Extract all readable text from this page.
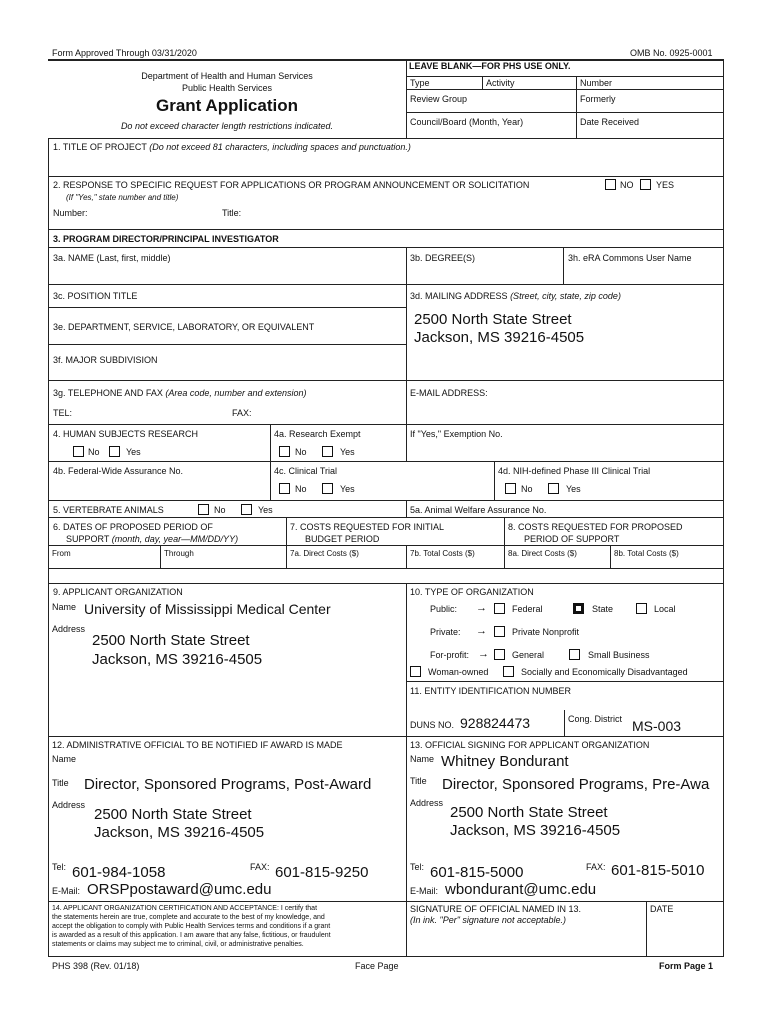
Form Approved Through 03/31/2020	OMB No. 0925-0001
Department of Health and Human Services
Public Health Services
Grant Application
Do not exceed character length restrictions indicated.
LEAVE BLANK—FOR PHS USE ONLY.
Type	Activity	Number
Review Group	Formerly
Council/Board (Month, Year)	Date Received
1. TITLE OF PROJECT (Do not exceed 81 characters, including spaces and punctuation.)
2. RESPONSE TO SPECIFIC REQUEST FOR APPLICATIONS OR PROGRAM ANNOUNCEMENT OR SOLICITATION	NO	YES
(If "Yes," state number and title)
Number:	Title:
3. PROGRAM DIRECTOR/PRINCIPAL INVESTIGATOR
3a. NAME (Last, first, middle)	3b. DEGREE(S)	3h. eRA Commons User Name
3c. POSITION TITLE	3d. MAILING ADDRESS (Street, city, state, zip code)
2500 North State Street
Jackson, MS 39216-4505
3e. DEPARTMENT, SERVICE, LABORATORY, OR EQUIVALENT
3f. MAJOR SUBDIVISION
3g. TELEPHONE AND FAX (Area code, number and extension)	E-MAIL ADDRESS:
TEL:	FAX:
4. HUMAN SUBJECTS RESEARCH	4a. Research Exempt	If "Yes," Exemption No.
No	Yes	No	Yes
4b. Federal-Wide Assurance No.	4c. Clinical Trial	4d. NIH-defined Phase III Clinical Trial
No	Yes	No	Yes
5. VERTEBRATE ANIMALS	No	Yes	5a. Animal Welfare Assurance No.
6. DATES OF PROPOSED PERIOD OF
SUPPORT (month, day, year—MM/DD/YY)
7. COSTS REQUESTED FOR INITIAL
BUDGET PERIOD
8. COSTS REQUESTED FOR PROPOSED
PERIOD OF SUPPORT
From	Through	7a. Direct Costs ($)	7b. Total Costs ($)	8a. Direct Costs ($)	8b. Total Costs ($)
9. APPLICANT ORGANIZATION
Name University of Mississippi Medical Center
Address
2500 North State Street
Jackson, MS 39216-4505
10. TYPE OF ORGANIZATION
Public: →	Federal	State	Local
Private: →	Private Nonprofit
For-profit: →	General	Small Business
Woman-owned	Socially and Economically Disadvantaged
11. ENTITY IDENTIFICATION NUMBER
DUNS NO. 928824473	Cong. District MS-003
12. ADMINISTRATIVE OFFICIAL TO BE NOTIFIED IF AWARD IS MADE
Name
Title Director, Sponsored Programs, Post-Award
Address
2500 North State Street
Jackson, MS 39216-4505
Tel: 601-984-1058	FAX: 601-815-9250
E-Mail: ORSPpostaward@umc.edu
13. OFFICIAL SIGNING FOR APPLICANT ORGANIZATION
Name Whitney Bondurant
Title Director, Sponsored Programs, Pre-Awa
Address
2500 North State Street
Jackson, MS 39216-4505
Tel: 601-815-5000	FAX: 601-815-5010
E-Mail: wbondurant@umc.edu
14. APPLICANT ORGANIZATION CERTIFICATION AND ACCEPTANCE: I certify that
the statements herein are true, complete and accurate to the best of my knowledge, and
accept the obligation to comply with Public Health Services terms and conditions if a grant
is awarded as a result of this application. I am aware that any false, fictitious, or fraudulent
statements or claims may subject me to criminal, civil, or administrative penalties.
SIGNATURE OF OFFICIAL NAMED IN 13.
(In ink. "Per" signature not acceptable.)
DATE
PHS 398 (Rev. 01/18)	Face Page	Form Page 1
